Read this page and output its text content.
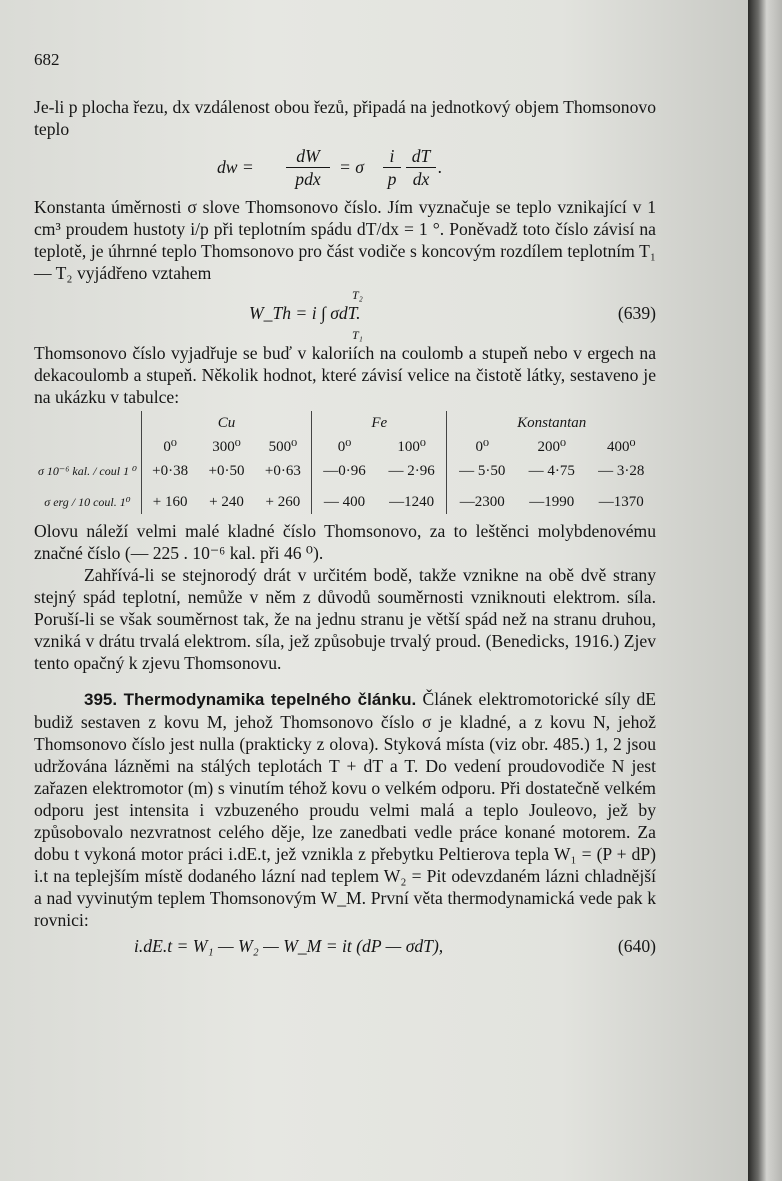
682

Je-li p plocha řezu, dx vzdálenost obou řezů, připadá na jednotkový objem Thomsonovo teplo

dw =
dW
pdx
= σ $\frac{i}{p} \frac{dT}{dx}$ .

Konstanta úměrnosti σ slove Thomsonovo číslo. Jím vyznačuje se teplo vznikající v 1 cm³ proudem hustoty i/p při teplotním spádu dT/dx = 1 °. Poněvadž toto číslo závisí na teplotě, je úhrnné teplo Thomsonovo pro část vodiče s koncovým rozdílem teplotním T₁ — T₂ vyjádřeno vztahem

T₂
W_Th = i ∫ σdT.
T₁
(639)

Thomsonovo číslo vyjadřuje se buď v kaloriích na coulomb a stupeň nebo v ergech na dekacoulomb a stupeň. Několik hodnot, které závisí velice na čistotě látky, sestaveno je na ukázku v tabulce:

	Cu			Fe		Konstantan		
	0⁰	300⁰	500⁰	0⁰	100⁰	0⁰	200⁰	400⁰
σ 10⁻⁶ kal. / coul 1 ⁰	+0·38	+0·50	+0·63	—0·96	— 2·96	— 5·50	— 4·75	— 3·28
σ erg / 10 coul. 1⁰	+ 160	+ 240	+ 260	— 400	—1240	—2300	—1990	—1370

Olovu náleží velmi malé kladné číslo Thomsonovo, za to leštěnci molybdenovému značné číslo (— 225 . 10⁻⁶ kal. při 46 ⁰).

Zahřívá-li se stejnorodý drát v určitém bodě, takže vznikne na obě dvě strany stejný spád teplotní, nemůže v něm z důvodů souměrnosti vzniknouti elektrom. síla. Poruší-li se však souměrnost tak, že na jednu stranu je větší spád než na stranu druhou, vzniká v drátu trvalá elektrom. síla, jež způsobuje trvalý proud. (Benedicks, 1916.) Zjev tento opačný k zjevu Thomsonovu.

395. Thermodynamika tepelného článku. Článek elektromotorické síly dE budiž sestaven z kovu M, jehož Thomsonovo číslo σ je kladné, a z kovu N, jehož Thomsonovo číslo jest nulla (prakticky z olova). Styková místa (viz obr. 485.) 1, 2 jsou udržována lázněmi na stálých teplotách T + dT a T. Do vedení proudovodiče N jest zařazen elektromotor (m) s vinutím téhož kovu o velkém odporu. Při dostatečně velkém odporu jest intensita i vzbuzeného proudu velmi malá a teplo Jouleovo, jež by způsobovalo nezvratnost celého děje, lze zanedbati vedle práce konané motorem. Za dobu t vykoná motor práci i.dE.t, jež vznikla z přebytku Peltierova tepla W₁ = (P + dP) i.t na teplejším místě dodaného lázní nad teplem W₂ = Pit odevzdaném lázni chladnější a nad vyvinutým teplem Thomsonovým W_M. První věta thermodynamická vede pak k rovnici:

i.dE.t = W₁ — W₂ — W_M = it (dP — σdT),	(640)
